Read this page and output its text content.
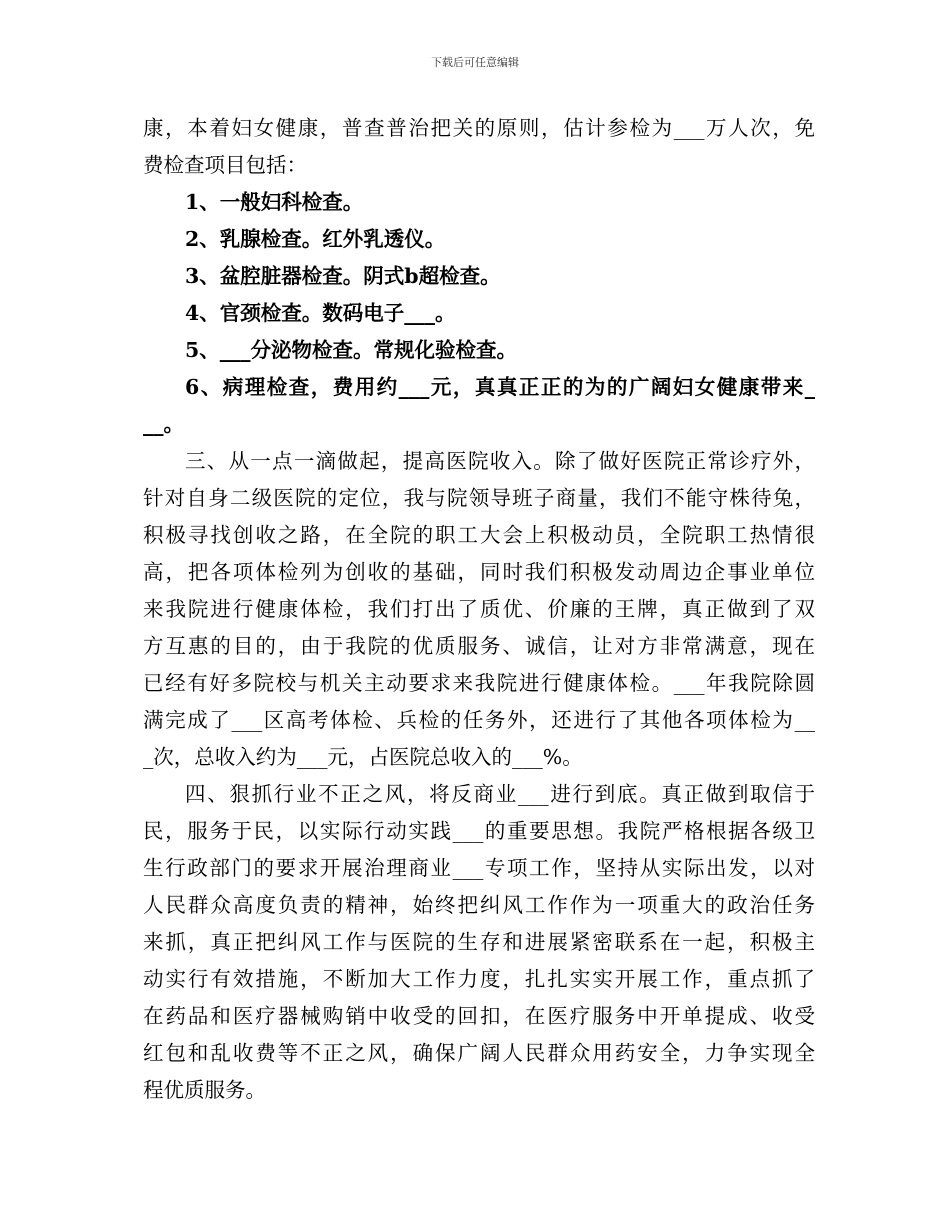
下载后可任意编辑
康，本着妇女健康，普查普治把关的原则，估计参检为___万人次，免
费检查项目包括：
1、一般妇科检查。
2、乳腺检查。红外乳透仪。
3、盆腔脏器检查。阴式b超检查。
4、官颈检查。数码电子___。
5、___分泌物检查。常规化验检查。
6、病理检查，费用约___元，真真正正的为的广阔妇女健康带来_
__。
三、从一点一滴做起，提高医院收入。除了做好医院正常诊疗外，
针对自身二级医院的定位，我与院领导班子商量，我们不能守株待兔，
积极寻找创收之路，在全院的职工大会上积极动员，全院职工热情很
高，把各项体检列为创收的基础，同时我们积极发动周边企事业单位
来我院进行健康体检，我们打出了质优、价廉的王牌，真正做到了双
方互惠的目的，由于我院的优质服务、诚信，让对方非常满意，现在
已经有好多院校与机关主动要求来我院进行健康体检。___年我院除圆
满完成了___区高考体检、兵检的任务外，还进行了其他各项体检为__
_次，总收入约为___元，占医院总收入的___%。
四、狠抓行业不正之风，将反商业___进行到底。真正做到取信于
民，服务于民，以实际行动实践___的重要思想。我院严格根据各级卫
生行政部门的要求开展治理商业___专项工作，坚持从实际出发，以对
人民群众高度负责的精神，始终把纠风工作作为一项重大的政治任务
来抓，真正把纠风工作与医院的生存和进展紧密联系在一起，积极主
动实行有效措施，不断加大工作力度，扎扎实实开展工作，重点抓了
在药品和医疗器械购销中收受的回扣，在医疗服务中开单提成、收受
红包和乱收费等不正之风，确保广阔人民群众用药安全，力争实现全
程优质服务。
